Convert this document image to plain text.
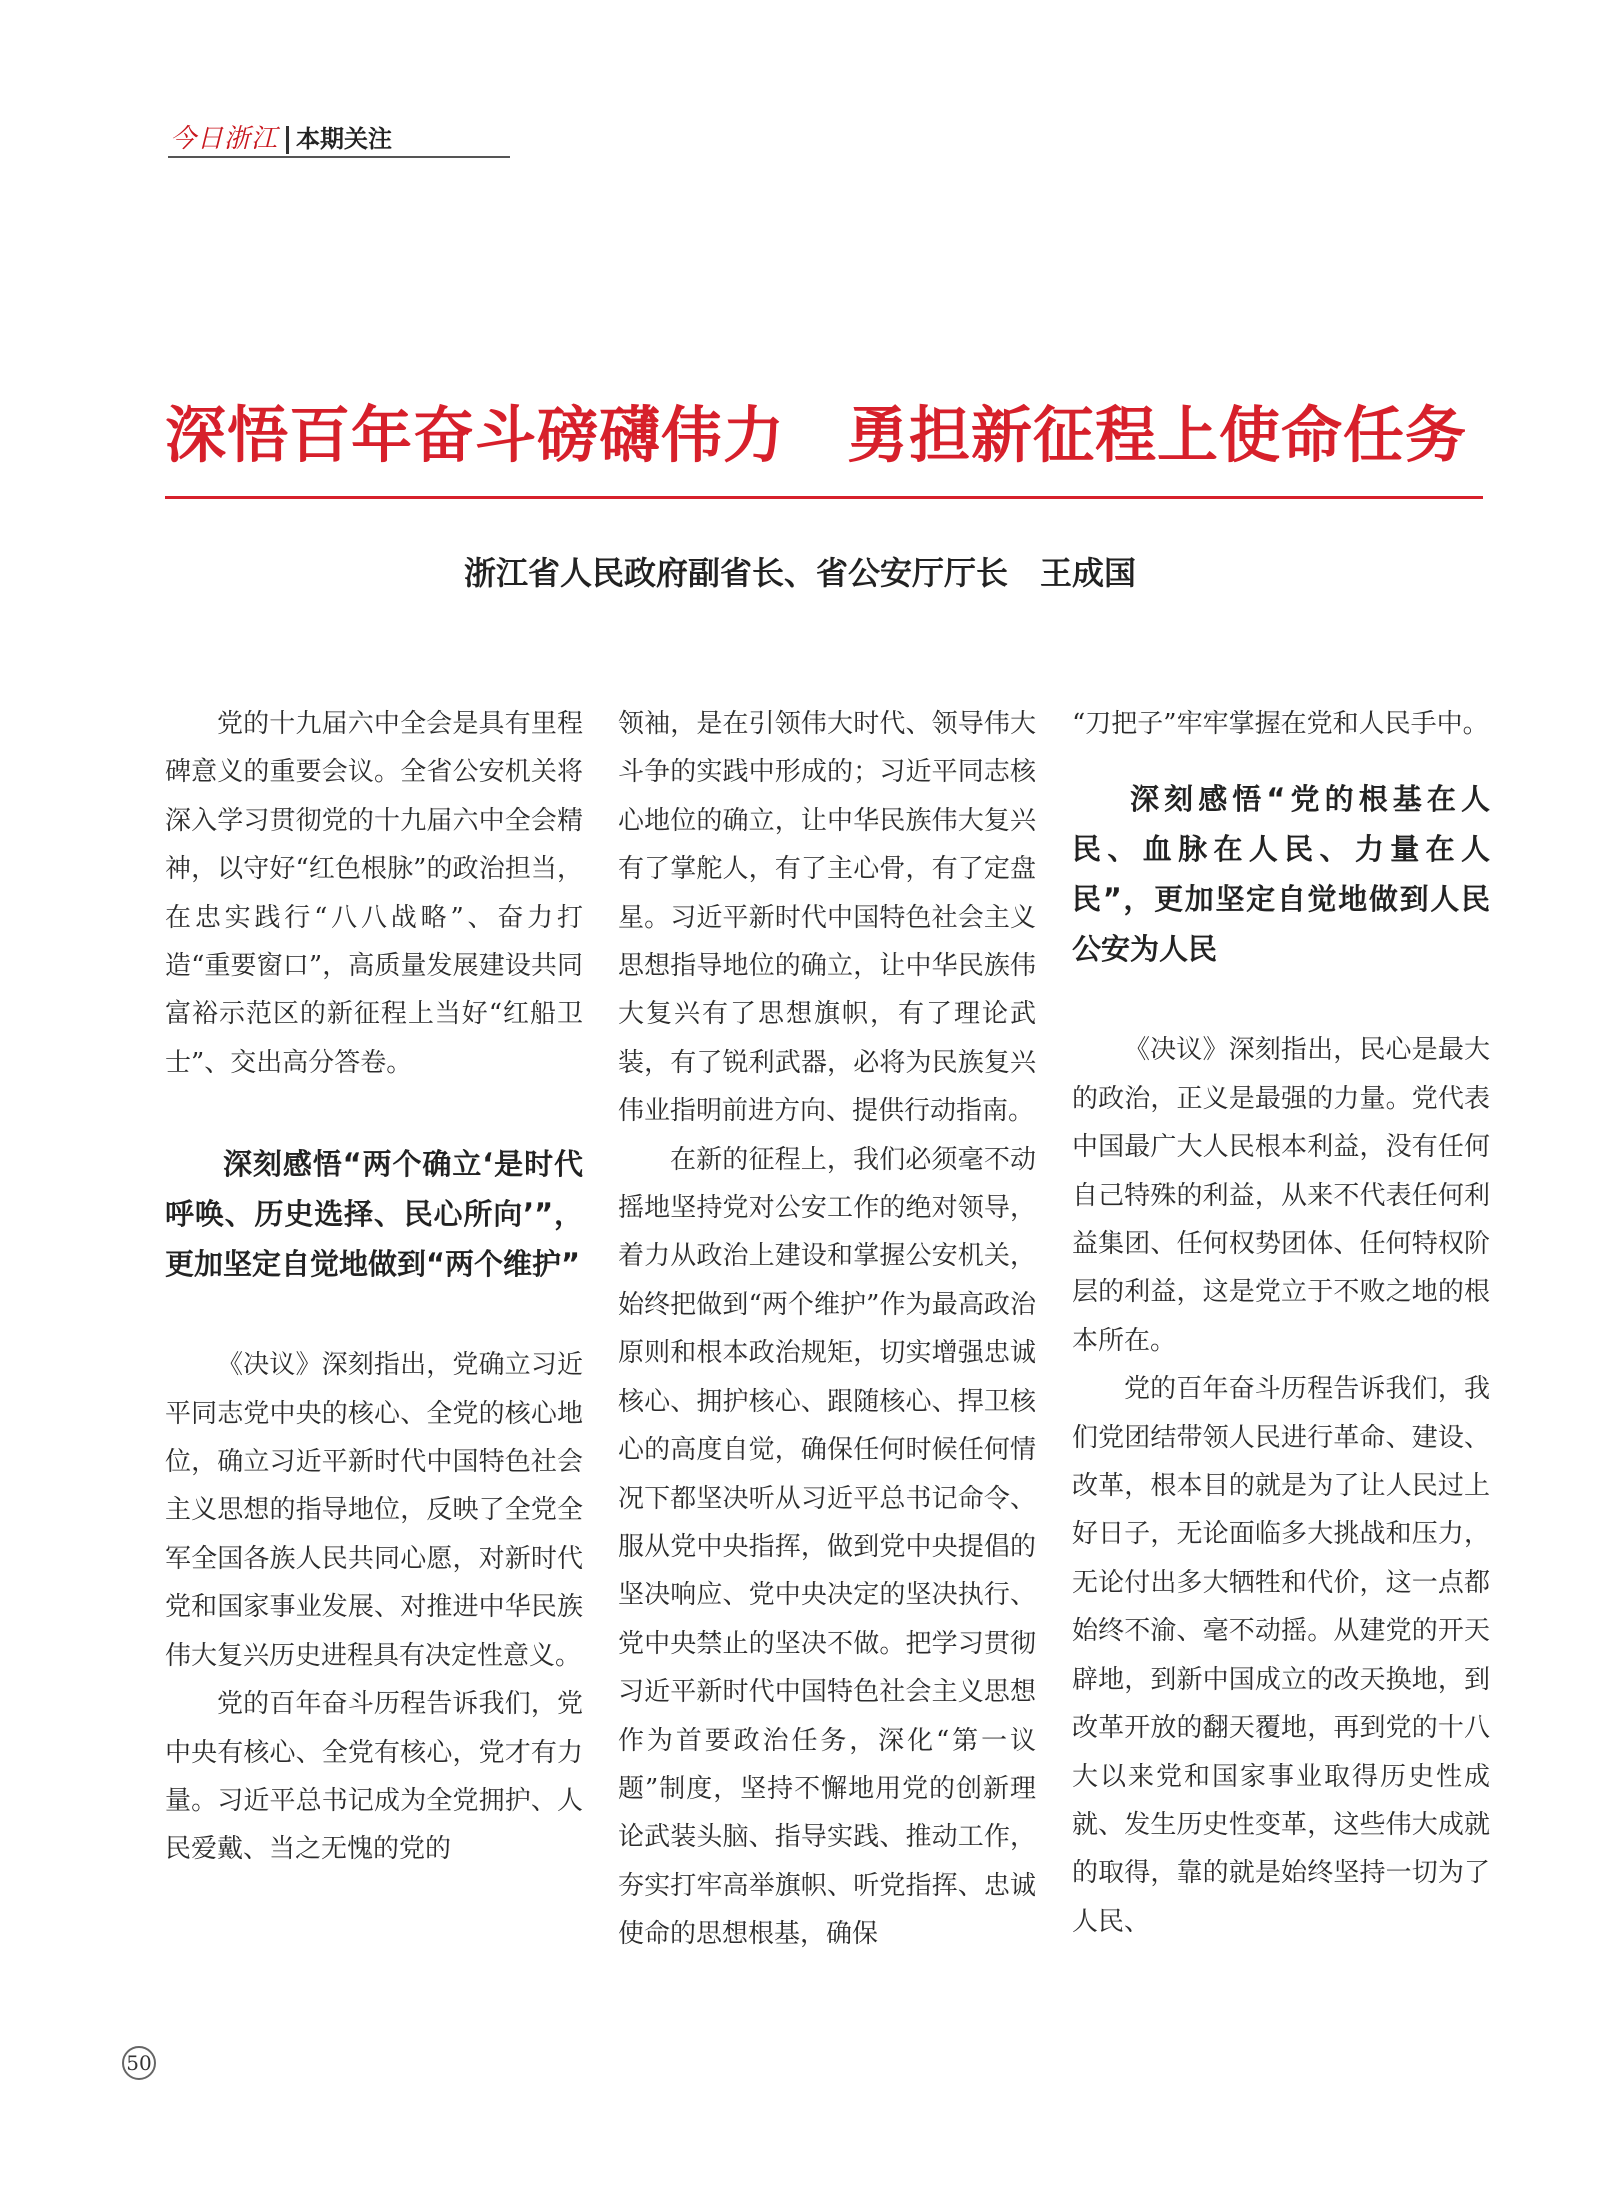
今日浙江 本期关注
深悟百年奋斗磅礴伟力　勇担新征程上使命任务
浙江省人民政府副省长、省公安厅厅长　王成国

党的十九届六中全会是具有里程碑意义的重要会议。全省公安机关将深入学习贯彻党的十九届六中全会精神，以守好“红色根脉”的政治担当，在忠实践行“八八战略”、奋力打造“重要窗口”，高质量发展建设共同富裕示范区的新征程上当好“红船卫士”、交出高分答卷。

深刻感悟“两个确立‘是时代呼唤、历史选择、民心所向’”，更加坚定自觉地做到“两个维护”

《决议》深刻指出，党确立习近平同志党中央的核心、全党的核心地位，确立习近平新时代中国特色社会主义思想的指导地位，反映了全党全军全国各族人民共同心愿，对新时代党和国家事业发展、对推进中华民族伟大复兴历史进程具有决定性意义。

党的百年奋斗历程告诉我们，党中央有核心、全党有核心，党才有力量。习近平总书记成为全党拥护、人民爱戴、当之无愧的党的

领袖，是在引领伟大时代、领导伟大斗争的实践中形成的；习近平同志核心地位的确立，让中华民族伟大复兴有了掌舵人，有了主心骨，有了定盘星。习近平新时代中国特色社会主义思想指导地位的确立，让中华民族伟大复兴有了思想旗帜，有了理论武装，有了锐利武器，必将为民族复兴伟业指明前进方向、提供行动指南。

在新的征程上，我们必须毫不动摇地坚持党对公安工作的绝对领导，着力从政治上建设和掌握公安机关，始终把做到“两个维护”作为最高政治原则和根本政治规矩，切实增强忠诚核心、拥护核心、跟随核心、捍卫核心的高度自觉，确保任何时候任何情况下都坚决听从习近平总书记命令、服从党中央指挥，做到党中央提倡的坚决响应、党中央决定的坚决执行、党中央禁止的坚决不做。把学习贯彻习近平新时代中国特色社会主义思想作为首要政治任务，深化“第一议题”制度，坚持不懈地用党的创新理论武装头脑、指导实践、推动工作，夯实打牢高举旗帜、听党指挥、忠诚使命的思想根基，确保

“刀把子”牢牢掌握在党和人民手中。

深刻感悟“党的根基在人民、血脉在人民、力量在人民”，更加坚定自觉地做到人民公安为人民

《决议》深刻指出，民心是最大的政治，正义是最强的力量。党代表中国最广大人民根本利益，没有任何自己特殊的利益，从来不代表任何利益集团、任何权势团体、任何特权阶层的利益，这是党立于不败之地的根本所在。

党的百年奋斗历程告诉我们，我们党团结带领人民进行革命、建设、改革，根本目的就是为了让人民过上好日子，无论面临多大挑战和压力，无论付出多大牺牲和代价，这一点都始终不渝、毫不动摇。从建党的开天辟地，到新中国成立的改天换地，到改革开放的翻天覆地，再到党的十八大以来党和国家事业取得历史性成就、发生历史性变革，这些伟大成就的取得，靠的就是始终坚持一切为了人民、

50
